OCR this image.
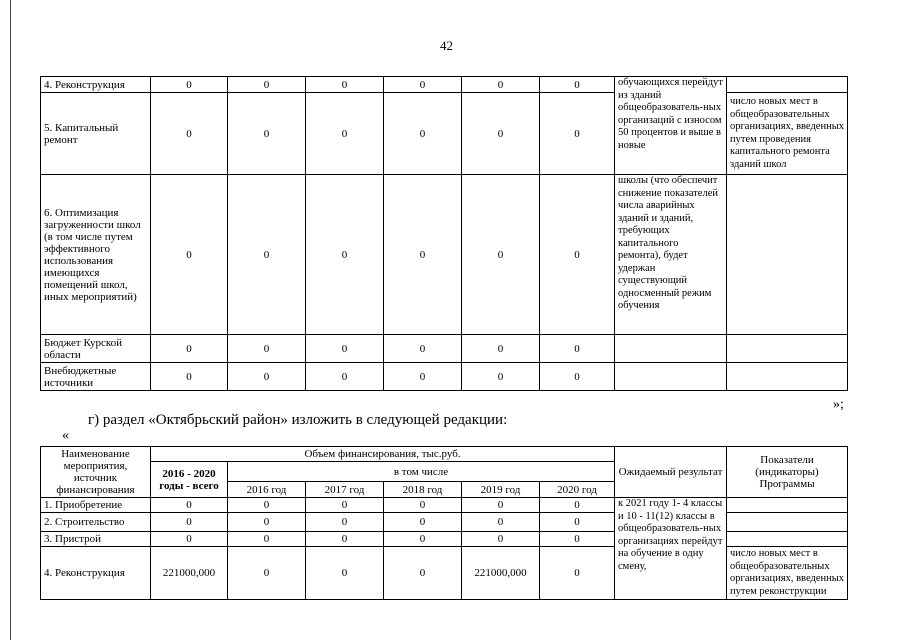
42
4. Реконструкция	0	0	0	0	0	0	обучающихся перейдут из зданий общеобразователь-ных организаций с износом 50 процентов и выше в новые	
5. Капитальный ремонт	0	0	0	0	0	0		число новых мест в общеобразовательных организациях, введенных путем проведения капитального ремонта зданий школ
6. Оптимизация загруженности школ (в том числе путем эффективного использования имеющихся помещений школ, иных мероприятий)	0	0	0	0	0	0	школы (что обеспечит снижение показателей числа аварийных зданий и зданий, требующих капитального ремонта), будет удержан существующий односменный режим обучения	
Бюджет Курской области	0	0	0	0	0	0		
Внебюджетные источники	0	0	0	0	0	0		
»;
г) раздел «Октябрьский район» изложить в следующей редакции:
«
Наименование мероприятия, источник финансирования	Объем финансирования, тыс.руб.						Ожидаемый результат	Показатели (индикаторы) Программы
	2016 - 2020 годы - всего	в том числе						
		2016 год	2017 год	2018 год	2019 год	2020 год		
1. Приобретение	0	0	0	0	0	0	к 2021 году 1- 4 классы и 10 - 11(12) классы в общеобразователь-ных организациях перейдут на обучение в одну смену,	
2. Строительство	0	0	0	0	0	0		
3. Пристрой	0	0	0	0	0	0		
4. Реконструкция	221000,000	0	0	0	221000,000	0		число новых мест в общеобразовательных организациях, введенных путем реконструкции
